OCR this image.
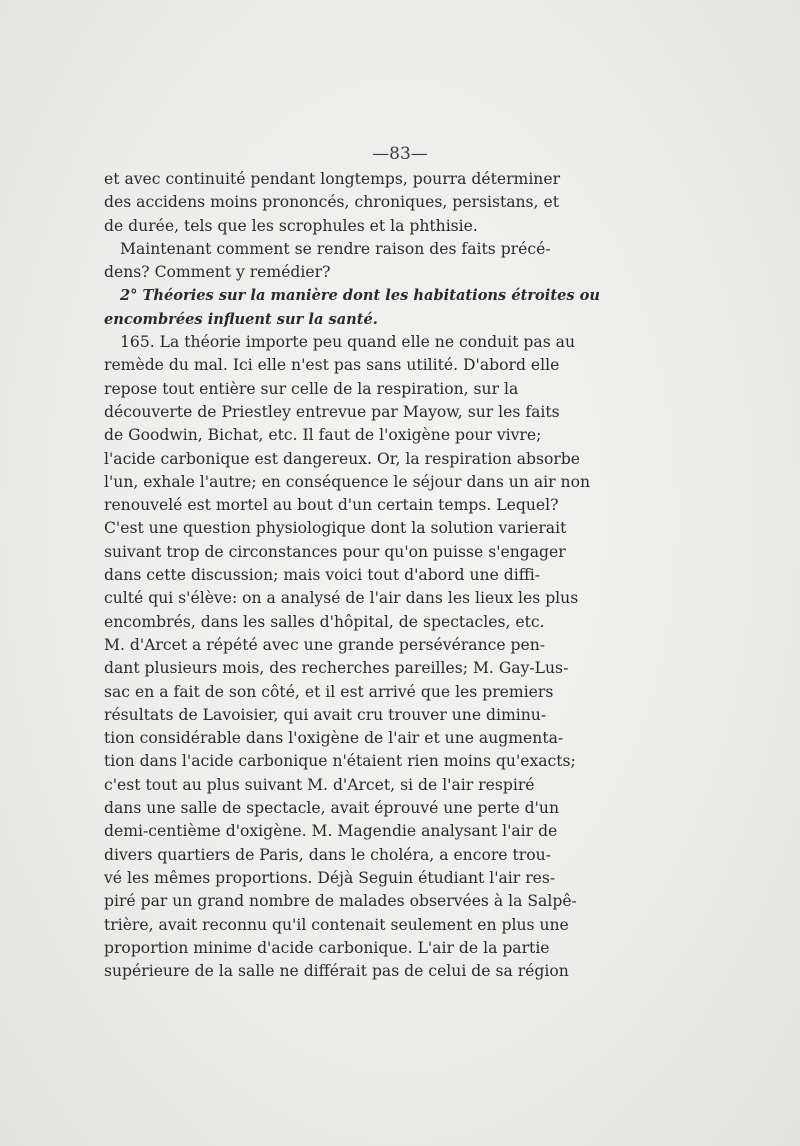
—83—
et avec continuité pendant longtemps, pourra déterminer
des accidens moins prononcés, chroniques, persistans, et
de durée, tels que les scrophules et la phthisie.
Maintenant comment se rendre raison des faits précé-
dens? Comment y remédier?
2° Théories sur la manière dont les habitations étroites ou
encombrées influent sur la santé.
165. La théorie importe peu quand elle ne conduit pas au
remède du mal. Ici elle n'est pas sans utilité. D'abord elle
repose tout entière sur celle de la respiration, sur la
découverte de Priestley entrevue par Mayow, sur les faits
de Goodwin, Bichat, etc. Il faut de l'oxigène pour vivre;
l'acide carbonique est dangereux. Or, la respiration absorbe
l'un, exhale l'autre; en conséquence le séjour dans un air non
renouvelé est mortel au bout d'un certain temps. Lequel?
C'est une question physiologique dont la solution varierait
suivant trop de circonstances pour qu'on puisse s'engager
dans cette discussion; mais voici tout d'abord une diffi-
culté qui s'élève: on a analysé de l'air dans les lieux les plus
encombrés, dans les salles d'hôpital, de spectacles, etc.
M. d'Arcet a répété avec une grande persévérance pen-
dant plusieurs mois, des recherches pareilles; M. Gay-Lus-
sac en a fait de son côté, et il est arrivé que les premiers
résultats de Lavoisier, qui avait cru trouver une diminu-
tion considérable dans l'oxigène de l'air et une augmenta-
tion dans l'acide carbonique n'étaient rien moins qu'exacts;
c'est tout au plus suivant M. d'Arcet, si de l'air respiré
dans une salle de spectacle, avait éprouvé une perte d'un
demi-centième d'oxigène. M. Magendie analysant l'air de
divers quartiers de Paris, dans le choléra, a encore trou-
vé les mêmes proportions. Déjà Seguin étudiant l'air res-
piré par un grand nombre de malades observées à la Salpê-
trière, avait reconnu qu'il contenait seulement en plus une
proportion minime d'acide carbonique. L'air de la partie
supérieure de la salle ne différait pas de celui de sa région
